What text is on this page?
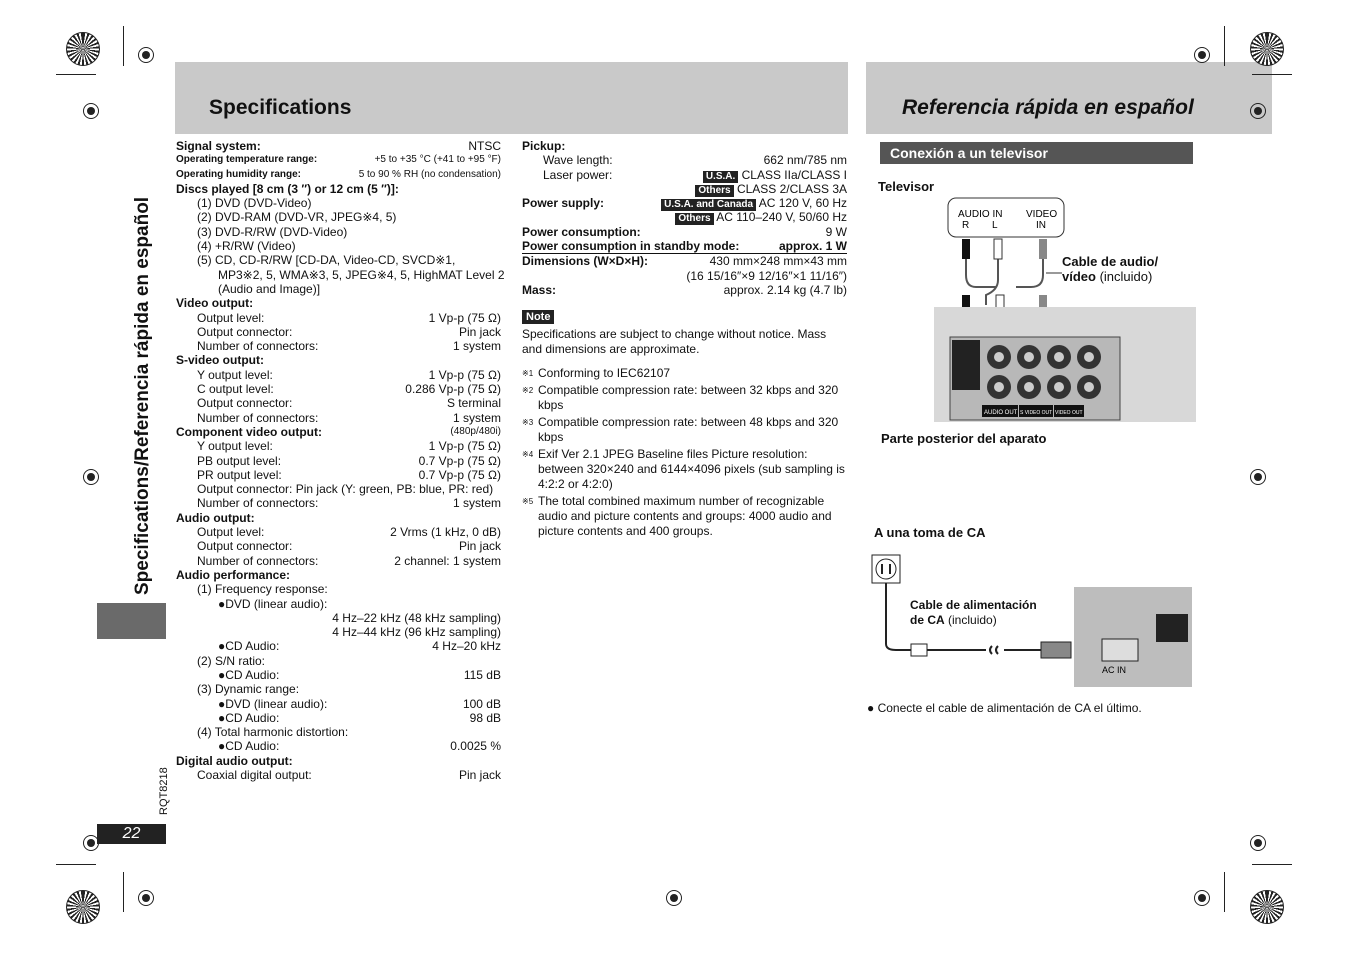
Specifications	Referencia rápida en español
Specifications/Referencia rápida en español
RQT8218
22
Signal system:	NTSC
Operating temperature range:	+5 to +35 °C (+41 to +95 °F)
Operating humidity range:	5 to 90 % RH (no condensation)
Discs played [8 cm (3 ″) or 12 cm (5 ″)]:
(1) DVD (DVD-Video)
(2) DVD-RAM (DVD-VR, JPEG※4, 5)
(3) DVD-R/RW (DVD-Video)
(4) +R/RW (Video)
(5) CD, CD-R/RW [CD-DA, Video-CD, SVCD※1,
MP3※2, 5, WMA※3, 5, JPEG※4, 5, HighMAT Level 2
(Audio and Image)]
Video output:
Output level:	1 Vp-p (75 Ω)
Output connector:	Pin jack
Number of connectors:	1 system
S-video output:
Y output level:	1 Vp-p (75 Ω)
C output level:	0.286 Vp-p (75 Ω)
Output connector:	S terminal
Number of connectors:	1 system
Component video output:	(480p/480i)
Y output level:	1 Vp-p (75 Ω)
PB output level:	0.7 Vp-p (75 Ω)
PR output level:	0.7 Vp-p (75 Ω)
Output connector: Pin jack (Y: green, PB: blue, PR: red)
Number of connectors:	1 system
Audio output:
Output level:	2 Vrms (1 kHz, 0 dB)
Output connector:	Pin jack
Number of connectors:	2 channel: 1 system
Audio performance:
(1) Frequency response:
●DVD (linear audio):
4 Hz–22 kHz (48 kHz sampling)
4 Hz–44 kHz (96 kHz sampling)
●CD Audio:	4 Hz–20 kHz
(2) S/N ratio:
●CD Audio:	115 dB
(3) Dynamic range:
●DVD (linear audio):	100 dB
●CD Audio:	98 dB
(4) Total harmonic distortion:
●CD Audio:	0.0025 %
Digital audio output:
Coaxial digital output:	Pin jack
Pickup:
Wave length:	662 nm/785 nm
Laser power:	U.S.A. CLASS IIa/CLASS I
Others CLASS 2/CLASS 3A
Power supply:	U.S.A. and Canada AC 120 V, 60 Hz
Others AC 110–240 V, 50/60 Hz
Power consumption:	9 W
Power consumption in standby mode:	approx. 1 W
Dimensions (W×D×H):	430 mm×248 mm×43 mm
(16 15/16″×9 12/16″×1 11/16″)
Mass:	approx. 2.14 kg (4.7 lb)
Note
Specifications are subject to change without notice. Mass and dimensions are approximate.
※1 Conforming to IEC62107
※2 Compatible compression rate: between 32 kbps and 320 kbps
※3 Compatible compression rate: between 48 kbps and 320 kbps
※4 Exif Ver 2.1 JPEG Baseline files Picture resolution: between 320×240 and 6144×4096 pixels (sub sampling is 4:2:2 or 4:2:0)
※5 The total combined maximum number of recognizable audio and picture contents and groups: 4000 audio and picture contents and 400 groups.
Conexión a un televisor
Televisor
AUDIO IN
R L
VIDEO
IN
AUDIO OUT S VIDEO OUT VIDEO OUT
Cable de audio/ vídeo (incluido)
Parte posterior del aparato
A una toma de CA
AC IN
Cable de alimentación de CA (incluido)
● Conecte el cable de alimentación de CA el último.
